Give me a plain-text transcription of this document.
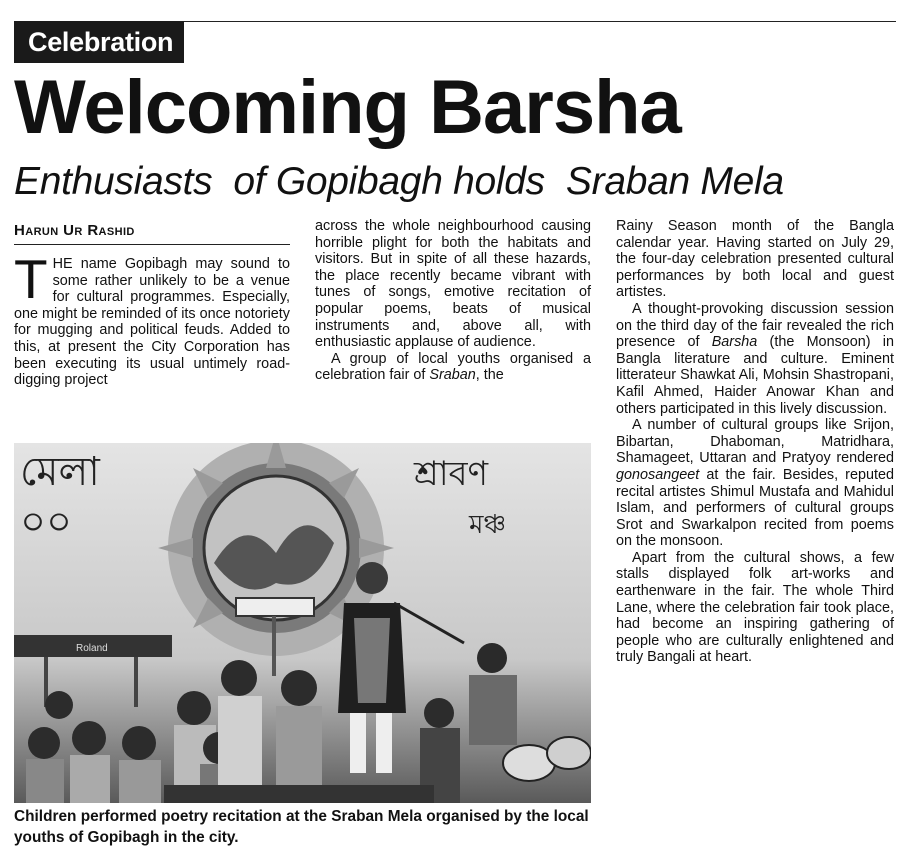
Celebration
Welcoming Barsha
Enthusiasts  of Gopibagh holds  Sraban Mela
Harun Ur Rashid

THE name Gopibagh may sound to some rather unlikely to be a venue for cultural programmes. Especially, one might be reminded of its once notoriety for mugging and political feuds. Added to this, at present the City Corporation has been executing its usual untimely road-digging project

across the whole neighbourhood causing horrible plight for both the habitats and visitors. But in spite of all these hazards, the place recently became vibrant with tunes of songs, emotive recitation of popular poems, beats of musical instruments and, above all, with enthusiastic applause of audience.

A group of local youths organised a celebration fair of Sraban, the

Rainy Season month of the Bangla calendar year. Having started on July 29, the four-day celebration presented cultural performances by both local and guest artistes.

A thought-provoking discussion session on the third day of the fair revealed the rich presence of Barsha (the Monsoon) in Bangla literature and culture. Eminent litterateur Shawkat Ali, Mohsin Shastropani, Kafil Ahmed, Haider Anowar Khan and others participated in this lively discussion.

A number of cultural groups like Srijon, Bibartan, Dhaboman, Matridhara, Shamageet, Uttaran and Pratyoy rendered gonosangeet at the fair. Besides, reputed recital artistes Shimul Mustafa and Mahidul Islam, and performers of cultural groups Srot and Swarkalpon recited from poems on the monsoon.

Apart from the cultural shows, a few stalls displayed folk art-works and earthenware in the fair. The whole Third Lane, where the celebration fair took place, had become an inspiring gathering of people who are culturally enlightened and truly Bangali at heart.

মেলা
০০
শ্রাবণ
মঞ্চ
Roland
Children performed poetry recitation at the Sraban Mela organised by the local youths of Gopibagh in the city.
